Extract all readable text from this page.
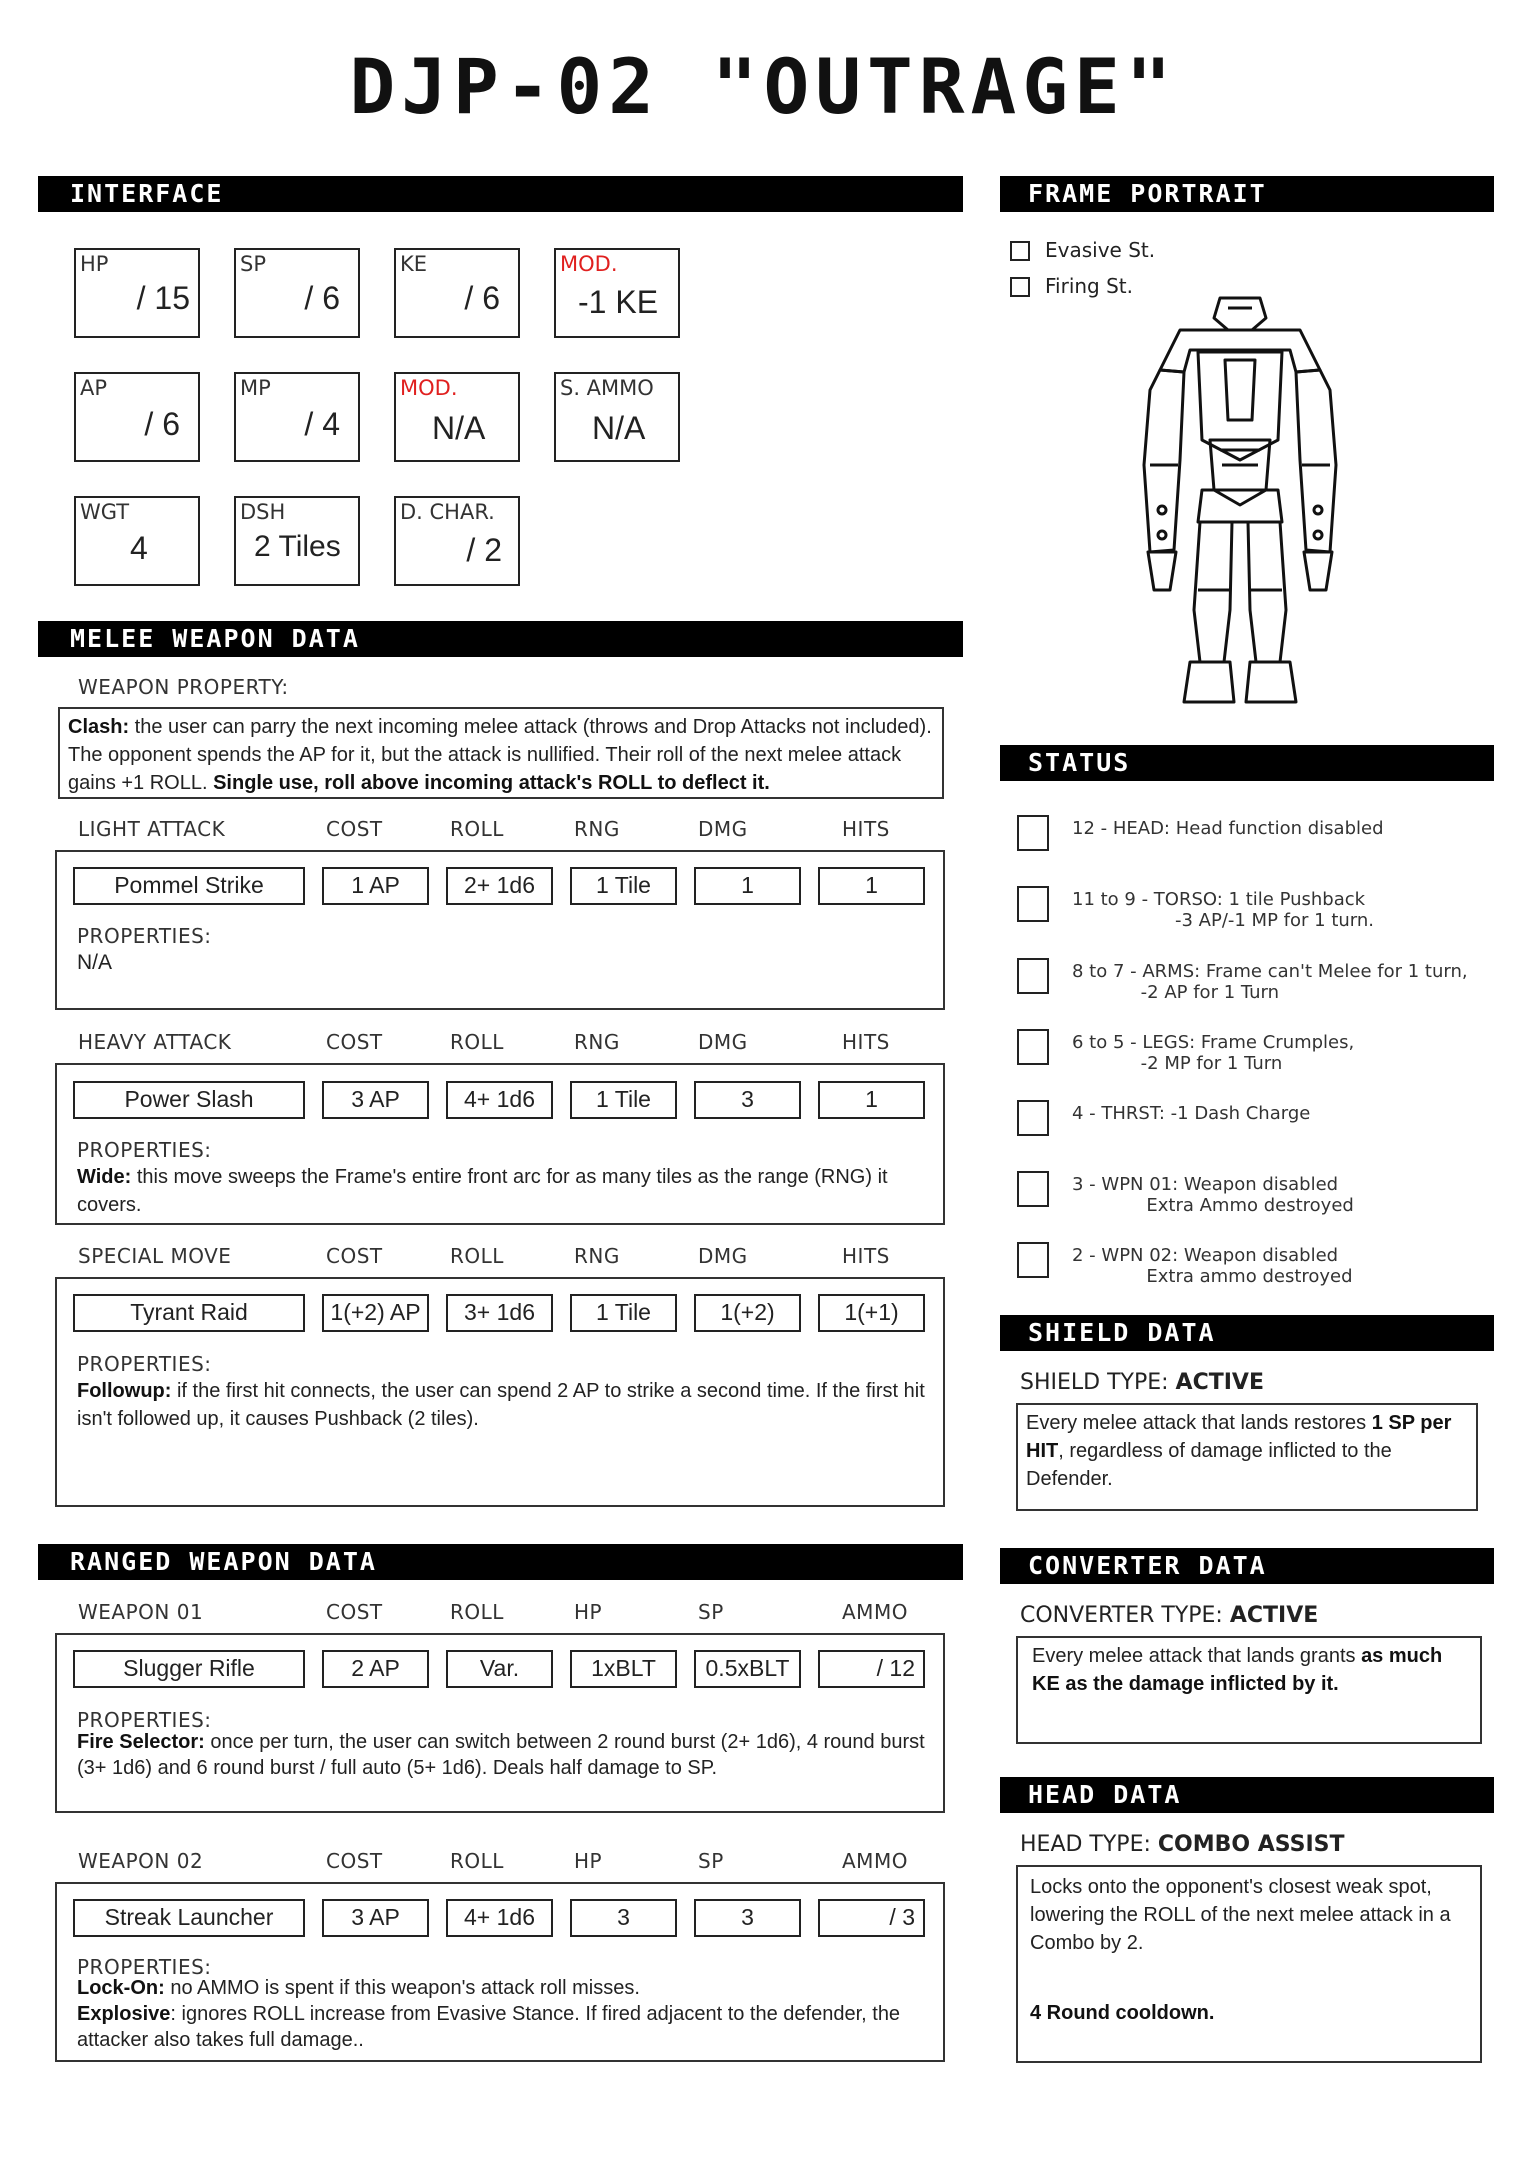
DJP-02 "OUTRAGE"
INTERFACE
HP
/ 15
SP
/ 6
KE
/ 6
MOD.
-1 KE
AP
/ 6
MP
/ 4
MOD.
N/A
S. AMMO
N/A
WGT
4
DSH
2 Tiles
D. CHAR.
/ 2
MELEE WEAPON DATA
WEAPON PROPERTY:
Clash: the user can parry the next incoming melee attack (throws and Drop Attacks not included). The opponent spends the AP for it, but the attack is nullified. Their roll of the next melee attack gains +1 ROLL. Single use, roll above incoming attack's ROLL to deflect it.
LIGHT ATTACK	COST	ROLL	RNG	DMG	HITS
Pommel Strike	1 AP	2+ 1d6	1 Tile	1	1
PROPERTIES:
N/A
HEAVY ATTACK	COST	ROLL	RNG	DMG	HITS
Power Slash	3 AP	4+ 1d6	1 Tile	3	1
PROPERTIES:
Wide: this move sweeps the Frame's entire front arc for as many tiles as the range (RNG) it covers.
SPECIAL MOVE	COST	ROLL	RNG	DMG	HITS
Tyrant Raid	1(+2) AP	3+ 1d6	1 Tile	1(+2)	1(+1)
PROPERTIES:
Followup: if the first hit connects, the user can spend 2 AP to strike a second time. If the first hit isn't followed up, it causes Pushback (2 tiles).
RANGED WEAPON DATA
WEAPON 01	COST	ROLL	HP	SP	AMMO
Slugger Rifle	2 AP	Var.	1xBLT	0.5xBLT	/ 12
PROPERTIES:
Fire Selector: once per turn, the user can switch between 2 round burst (2+ 1d6), 4 round burst (3+ 1d6) and 6 round burst / full auto (5+ 1d6). Deals half damage to SP.
WEAPON 02	COST	ROLL	HP	SP	AMMO
Streak Launcher	3 AP	4+ 1d6	3	3	/ 3
PROPERTIES:
Lock-On: no AMMO is spent if this weapon's attack roll misses.
Explosive: ignores ROLL increase from Evasive Stance. If fired adjacent to the defender, the attacker also takes full damage..
FRAME PORTRAIT
Evasive St.
Firing St.
STATUS
12 - HEAD: Head function disabled
11 to 9 - TORSO: 1 tile Pushback
-3 AP/-1 MP for 1 turn.
8 to 7 - ARMS: Frame can't Melee for 1 turn,
-2 AP for 1 Turn
6 to 5 - LEGS: Frame Crumples,
-2 MP for 1 Turn
4 - THRST: -1 Dash Charge
3 - WPN 01: Weapon disabled
Extra Ammo destroyed
2 - WPN 02: Weapon disabled
Extra ammo destroyed
SHIELD DATA
SHIELD TYPE: ACTIVE
Every melee attack that lands restores 1 SP per HIT, regardless of damage inflicted to the Defender.
CONVERTER DATA
CONVERTER TYPE: ACTIVE
Every melee attack that lands grants as much KE as the damage inflicted by it.
HEAD DATA
HEAD TYPE: COMBO ASSIST
Locks onto the opponent's closest weak spot, lowering the ROLL of the next melee attack in a Combo by 2.
4 Round cooldown.
